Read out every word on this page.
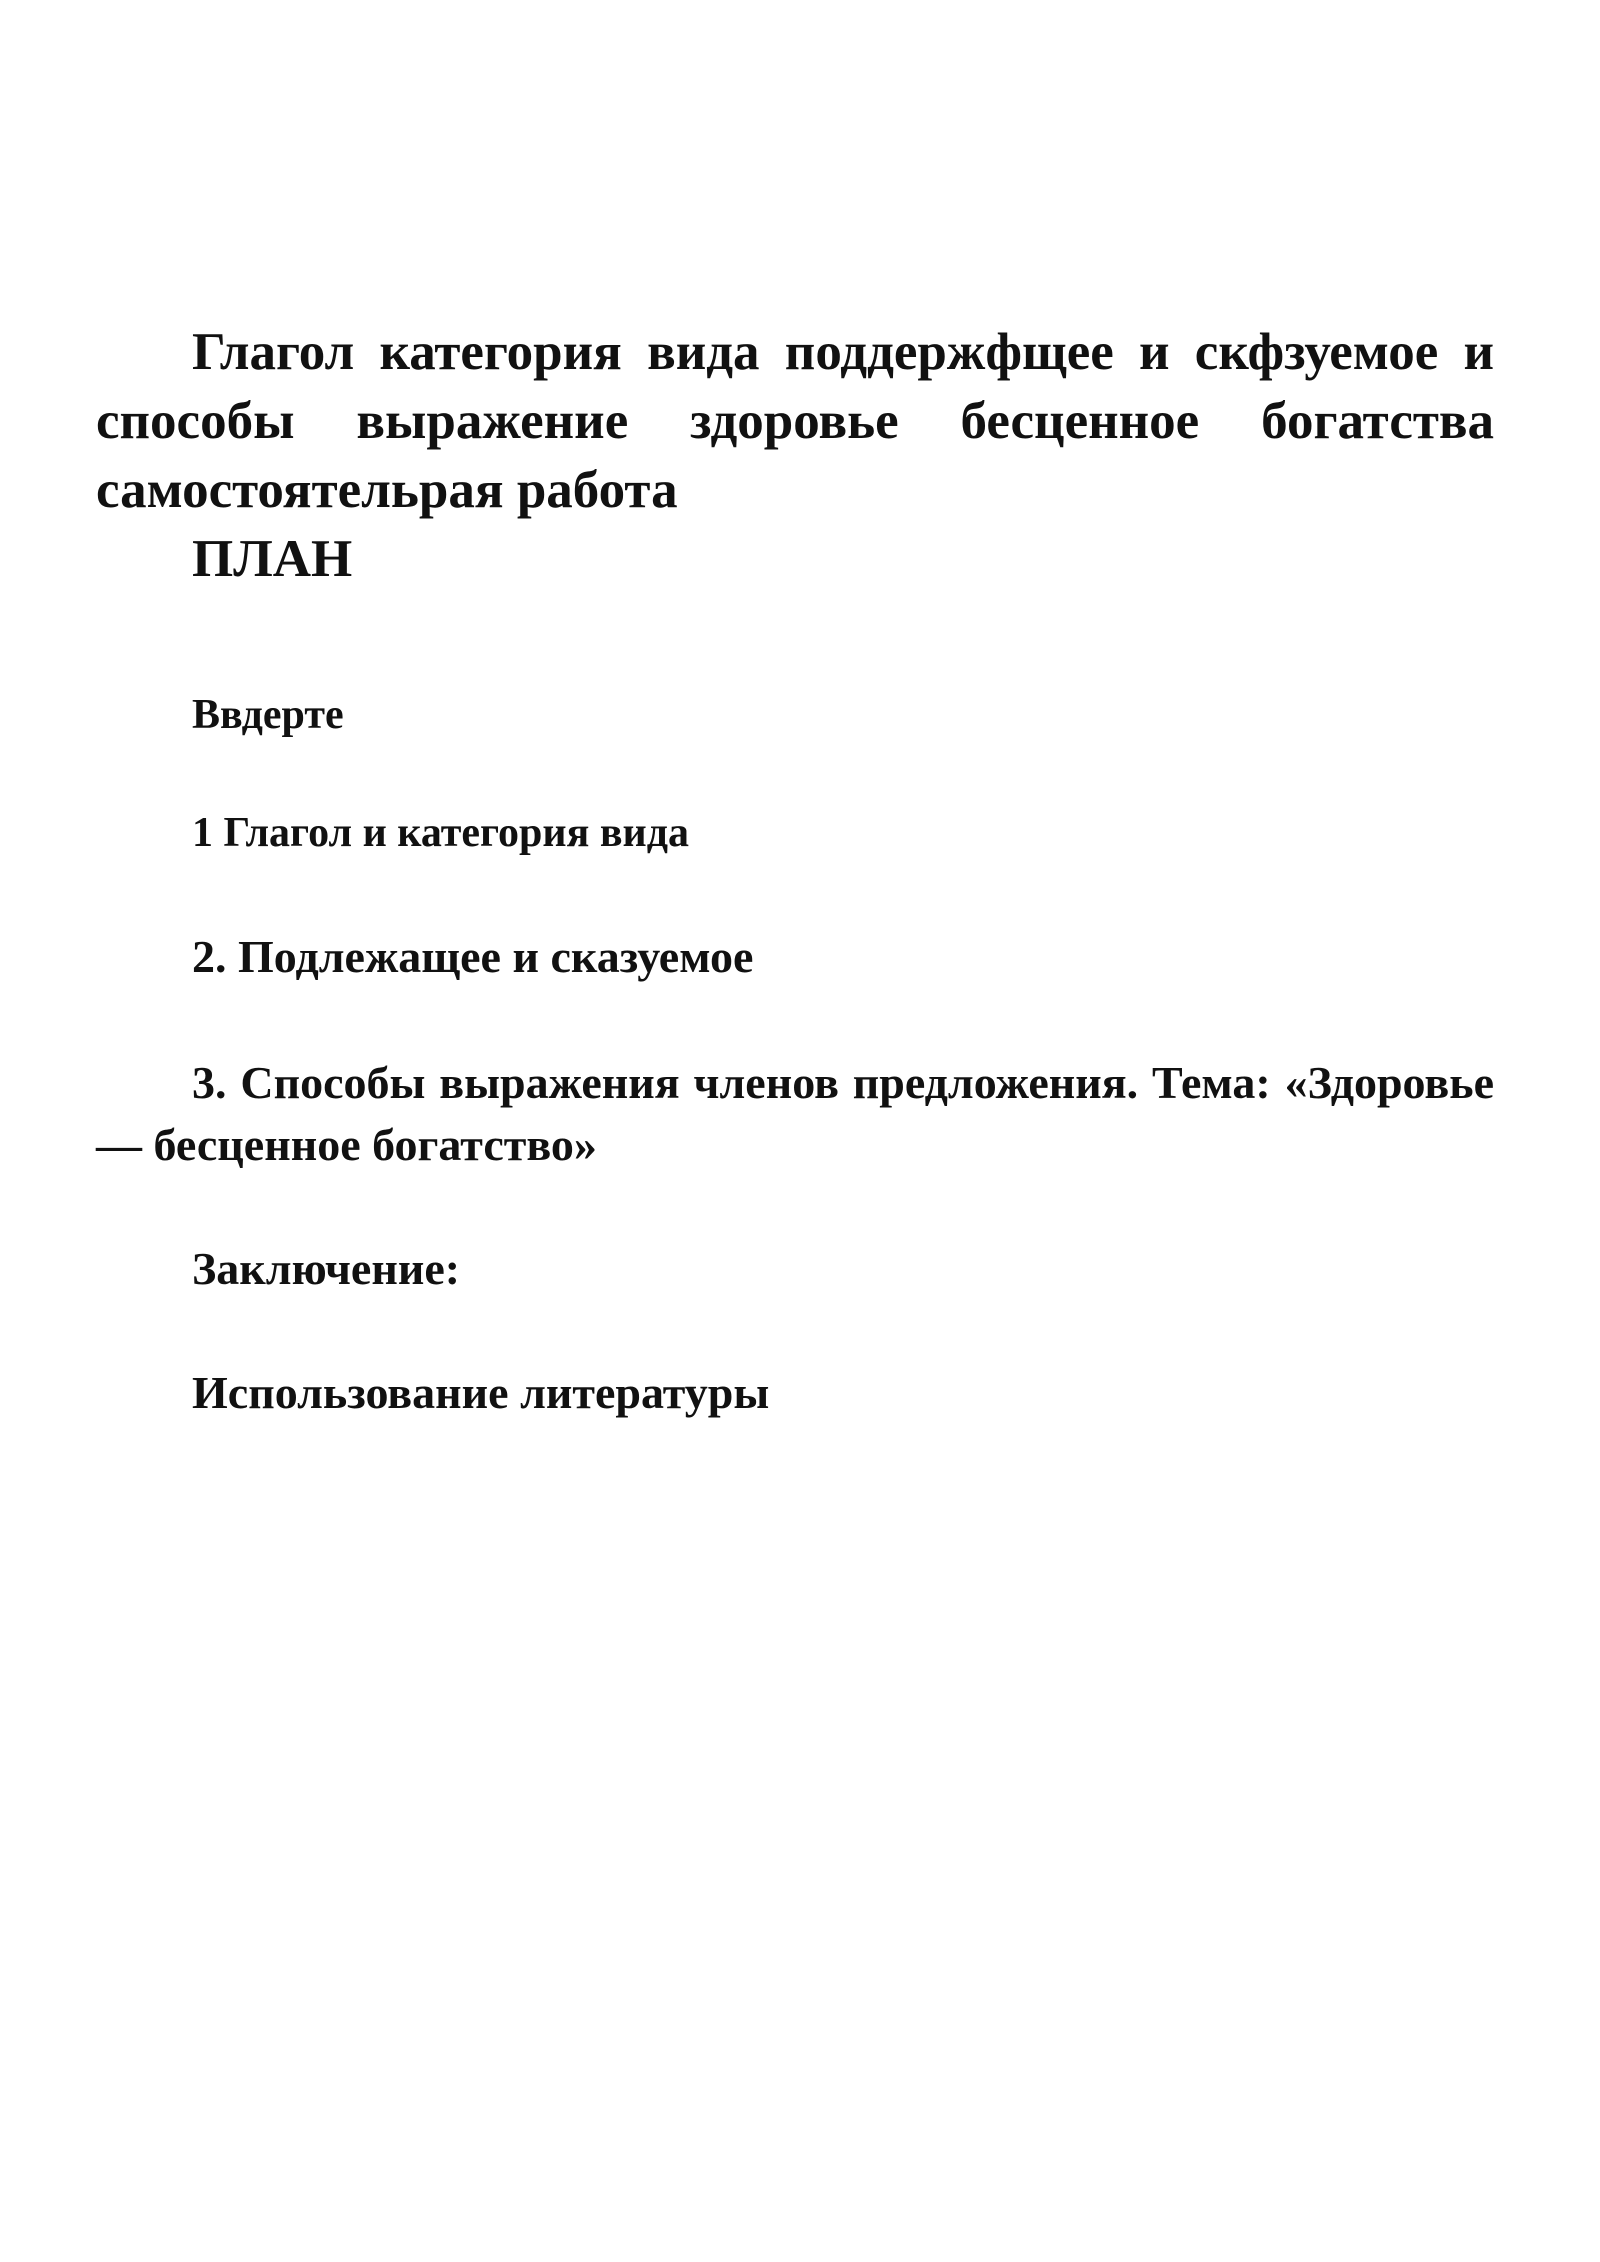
Глагол категория вида поддержфщее и скфзуемое и способы выражение здоровье бесценное богатства самостоятельрая работа

ПЛАН

Ввдерте

1 Глагол и категория вида

2. Подлежащее и сказуемое

3. Способы выражения членов предложения. Тема: «Здоровье — бесценное богатство»

Заключение:

Использование литературы
